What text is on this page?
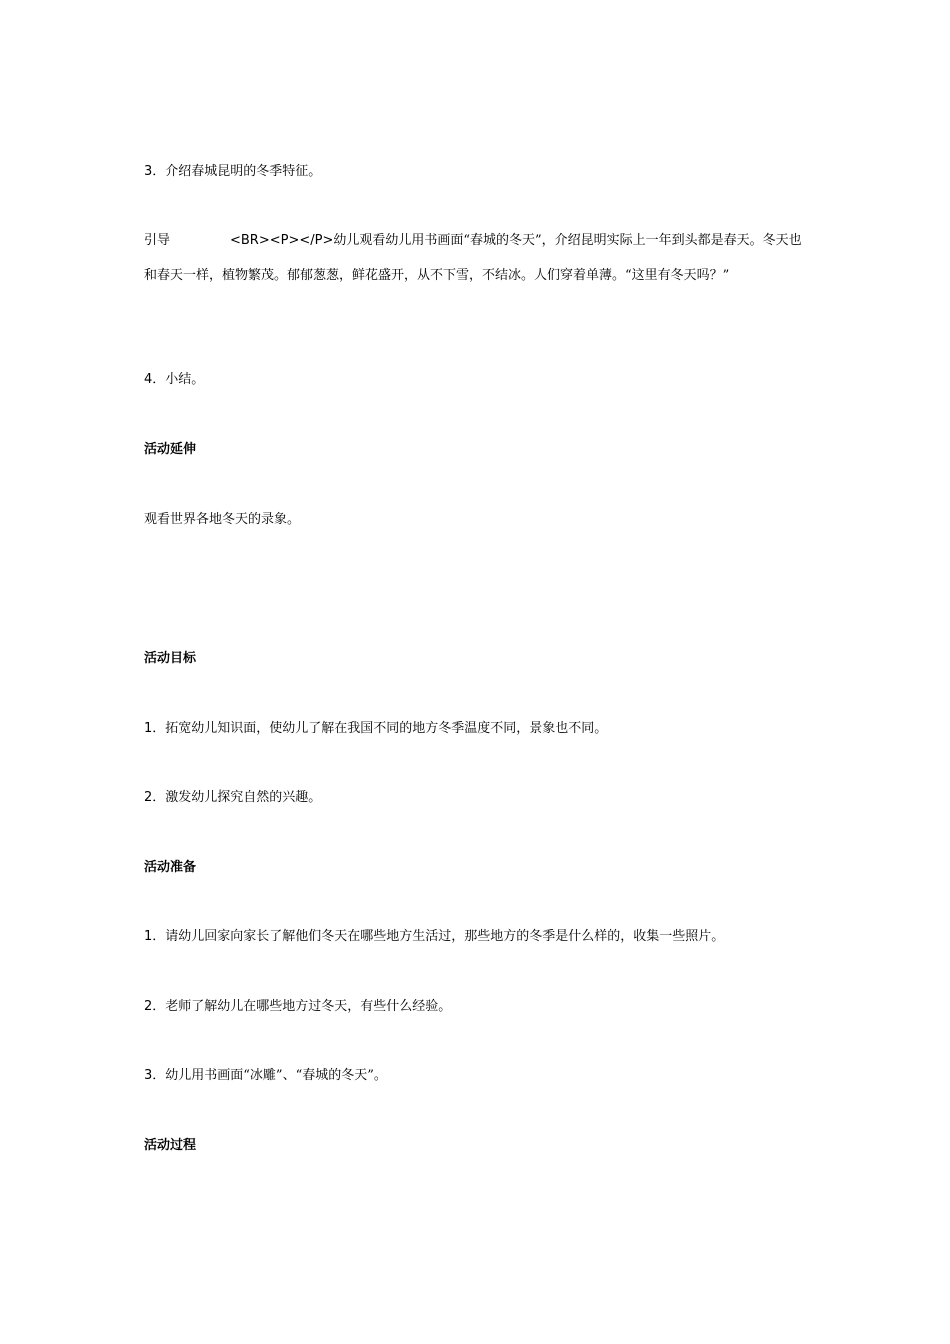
3．介绍春城昆明的冬季特征。

引导	<BR><P></P>幼儿观看幼儿用书画面“春城的冬天”，介绍昆明实际上一年到头都是春天。冬天也和春天一样，植物繁茂。郁郁葱葱，鲜花盛开，从不下雪，不结冰。人们穿着单薄。“这里有冬天吗？”

4．小结。

活动延伸

观看世界各地冬天的录象。

活动目标

1．拓宽幼儿知识面，使幼儿了解在我国不同的地方冬季温度不同，景象也不同。

2．激发幼儿探究自然的兴趣。

活动准备

1．请幼儿回家向家长了解他们冬天在哪些地方生活过，那些地方的冬季是什么样的，收集一些照片。

2．老师了解幼儿在哪些地方过冬天，有些什么经验。

3．幼儿用书画面“冰雕”、“春城的冬天”。

活动过程
